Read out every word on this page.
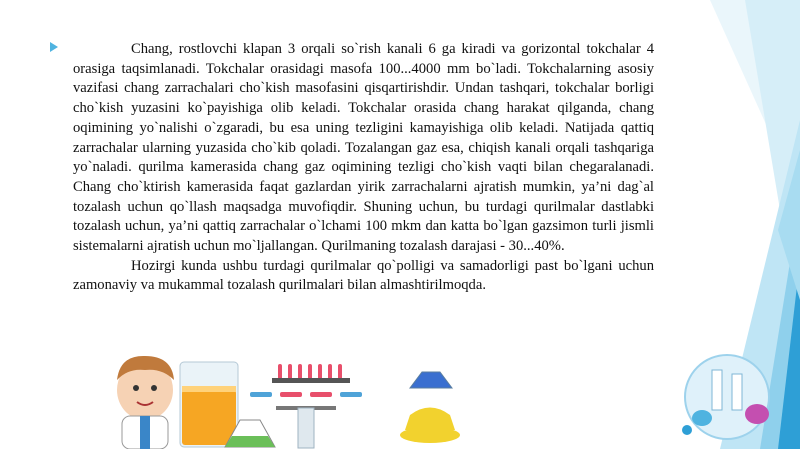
Chang, rostlovchi klapan 3 orqali so`rish kanali 6 ga kiradi va gorizontal tokchalar 4 orasiga taqsimlanadi. Tokchalar orasidagi masofa 100...4000 mm bo`ladi. Tokchalarning asosiy vazifasi chang zarrachalari cho`kish masofasini qisqartirishdir. Undan tashqari, tokchalar borligi cho`kish yuzasini ko`payishiga olib keladi. Tokchalar orasida chang harakat qilganda, chang oqimining yo`nalishi o`zgaradi, bu esa uning tezligini kamayishiga olib keladi. Natijada qattiq zarrachalar ularning yuzasida cho`kib qoladi. Tozalangan gaz esa, chiqish kanali orqali tashqariga yo`naladi. qurilma kamerasida chang gaz oqimining tezligi cho`kish vaqti bilan chegaralanadi. Chang cho`ktirish kamerasida faqat gazlardan yirik zarrachalarni ajratish mumkin, ya’ni dag`al tozalash uchun qo`llash maqsadga muvofiqdir. Shuning uchun, bu turdagi qurilmalar dastlabki tozalash uchun, ya’ni qattiq zarrachalar o`lchami 100 mkm dan katta bo`lgan gazsimon turli jismli sistemalarni ajratish uchun mo`ljallangan. Qurilmaning tozalash darajasi - 30...40%.

Hozirgi kunda ushbu turdagi qurilmalar qo`polligi va samadorligi past bo`lgani uchun zamonaviy va mukammal tozalash qurilmalari bilan almashtirilmoqda.
